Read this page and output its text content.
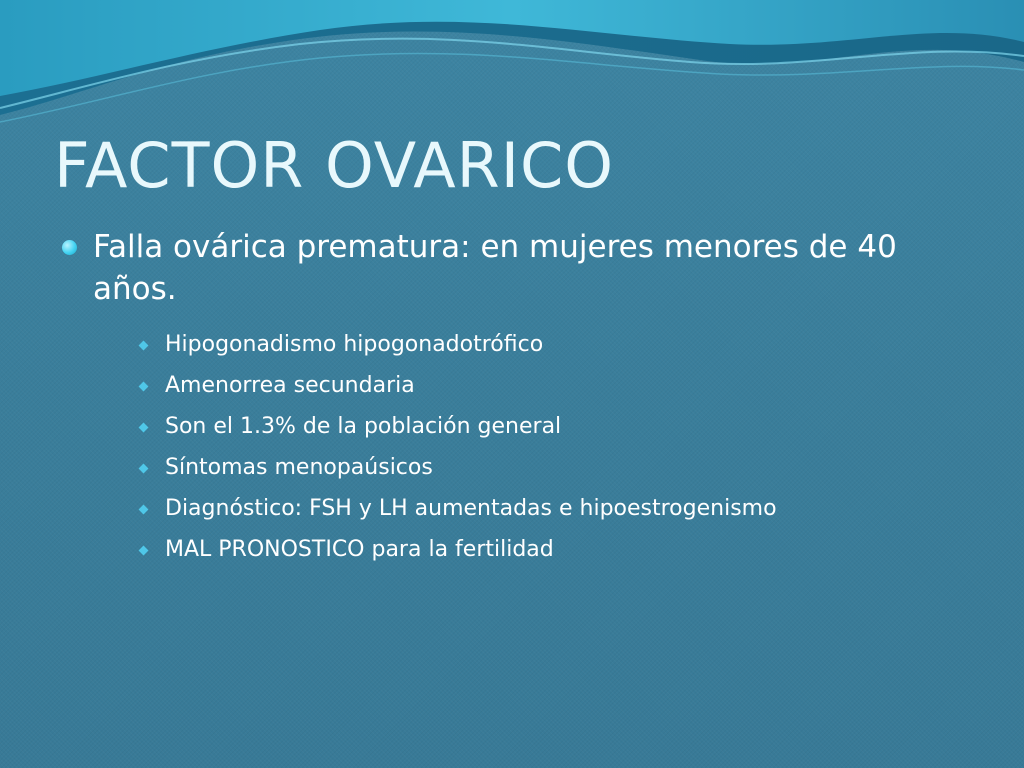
FACTOR OVARICO

Falla ovárica prematura: en mujeres menores de 40 años.

Hipogonadismo hipogonadotrófico
Amenorrea secundaria
Son el 1.3% de la población general
Síntomas menopaúsicos
Diagnóstico: FSH y LH aumentadas e hipoestrogenismo
MAL PRONOSTICO para la fertilidad
